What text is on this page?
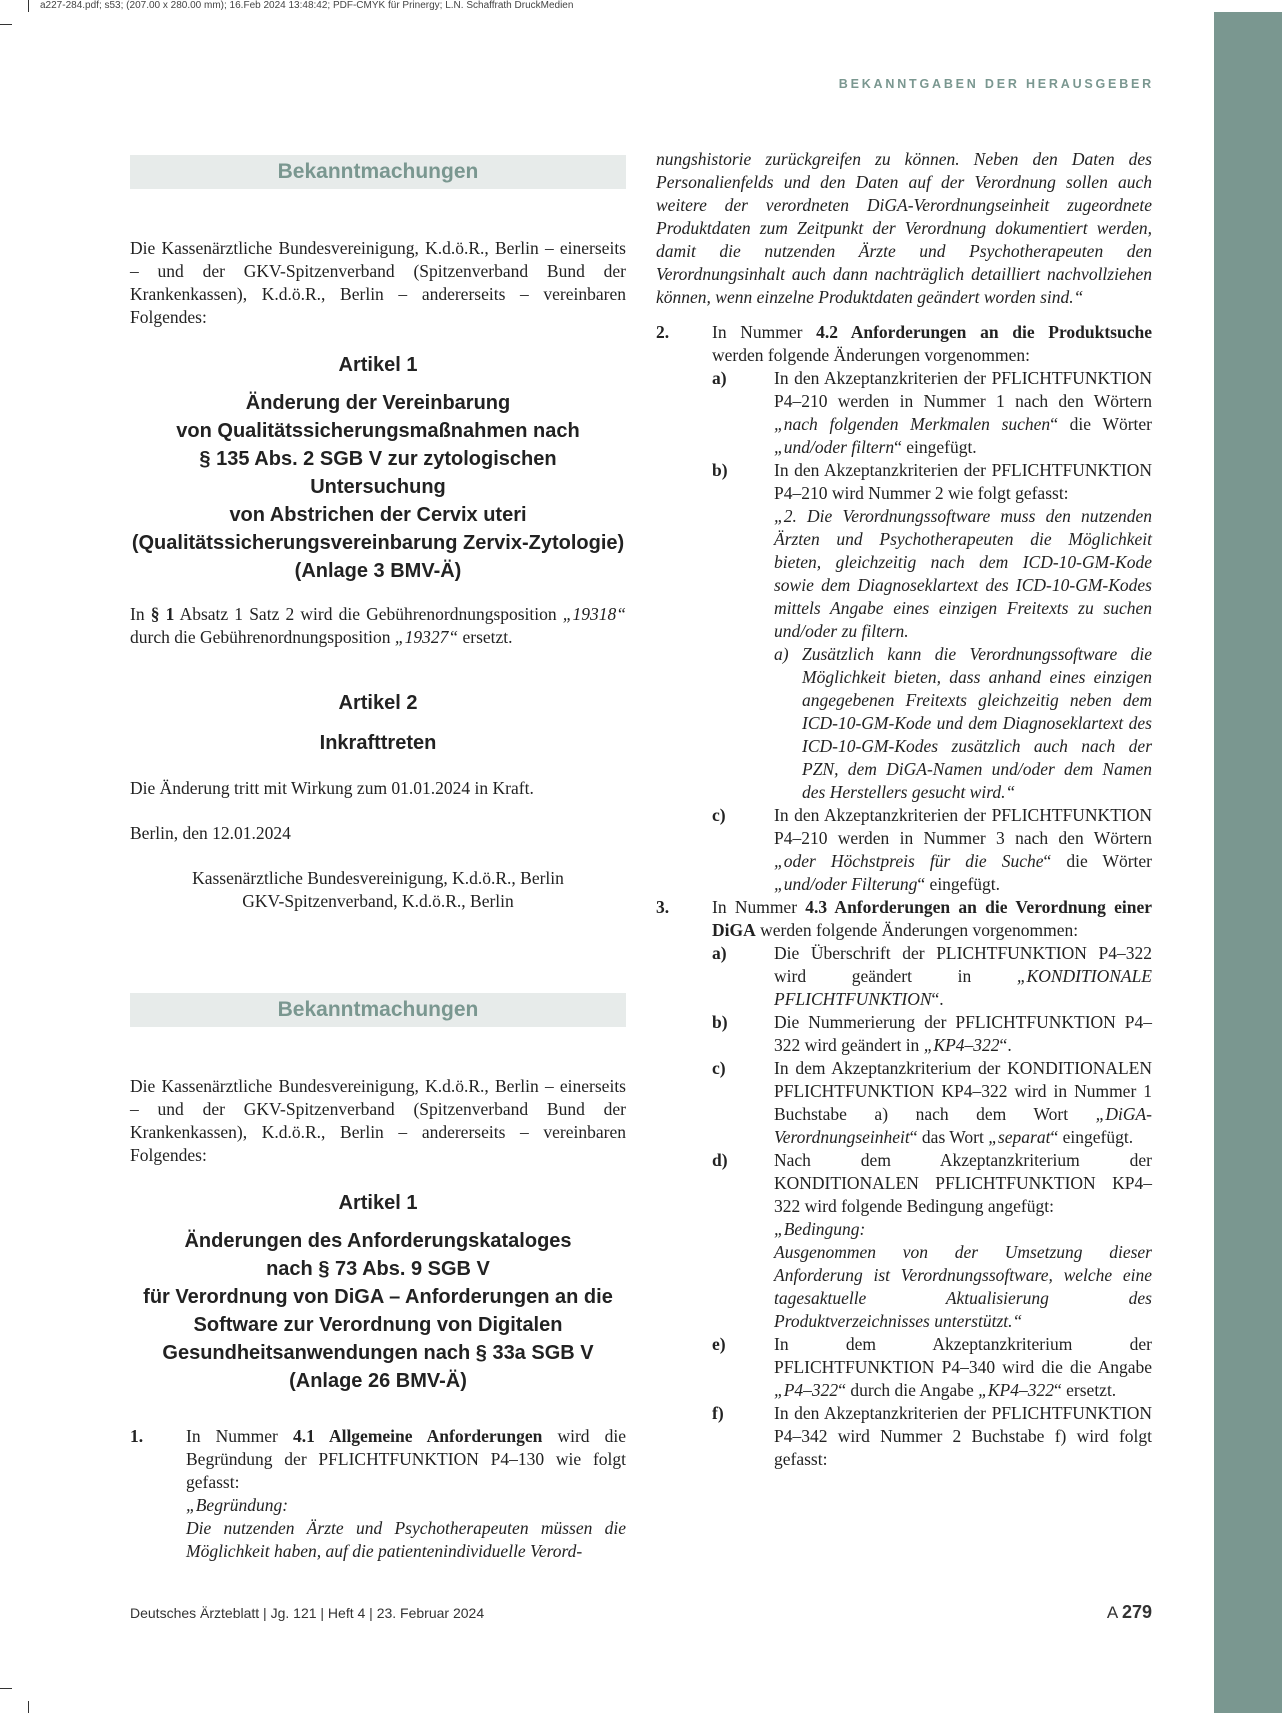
a227-284.pdf; s53; (207.00 x 280.00 mm); 16.Feb 2024 13:48:42; PDF-CMYK für Prinergy; L.N. Schaffrath DruckMedien
BEKANNTGABEN DER HERAUSGEBER
Bekanntmachungen

Die Kassenärztliche Bundesvereinigung, K.d.ö.R., Berlin – einerseits – und der GKV-Spitzenverband (Spitzenverband Bund der Krankenkassen), K.d.ö.R., Berlin – andererseits – vereinbaren Folgendes:

Artikel 1
Änderung der Vereinbarung
von Qualitätssicherungsmaßnahmen nach
§ 135 Abs. 2 SGB V zur zytologischen Untersuchung
von Abstrichen der Cervix uteri
(Qualitätssicherungsvereinbarung Zervix-Zytologie)
(Anlage 3 BMV-Ä)

In § 1 Absatz 1 Satz 2 wird die Gebührenordnungsposition „19318“ durch die Gebührenordnungsposition „19327“ ersetzt.

Artikel 2
Inkrafttreten

Die Änderung tritt mit Wirkung zum 01.01.2024 in Kraft.

Berlin, den 12.01.2024

Kassenärztliche Bundesvereinigung, K.d.ö.R., Berlin
GKV-Spitzenverband, K.d.ö.R., Berlin
Bekanntmachungen

Die Kassenärztliche Bundesvereinigung, K.d.ö.R., Berlin – einerseits – und der GKV-Spitzenverband (Spitzenverband Bund der Krankenkassen), K.d.ö.R., Berlin – andererseits – vereinbaren Folgendes:

Artikel 1
Änderungen des Anforderungskataloges
nach § 73 Abs. 9 SGB V
für Verordnung von DiGA – Anforderungen an die
Software zur Verordnung von Digitalen
Gesundheitsanwendungen nach § 33a SGB V
(Anlage 26 BMV-Ä)
1.	In Nummer 4.1 Allgemeine Anforderungen wird die Begründung der PFLICHTFUNKTION P4–130 wie folgt gefasst:
„Begründung:
Die nutzenden Ärzte und Psychotherapeuten müssen die Möglichkeit haben, auf die patientenindividuelle Verord-

nungshistorie zurückgreifen zu können. Neben den Daten des Personalienfelds und den Daten auf der Verordnung sollen auch weitere der verordneten DiGA-Verordnungseinheit zugeordnete Produktdaten zum Zeitpunkt der Verordnung dokumentiert werden, damit die nutzenden Ärzte und Psychotherapeuten den Verordnungsinhalt auch dann nachträglich detailliert nachvollziehen können, wenn einzelne Produktdaten geändert worden sind.“

2.	In Nummer 4.2 Anforderungen an die Produktsuche werden folgende Änderungen vorgenommen:
a)	In den Akzeptanzkriterien der PFLICHTFUNKTION P4–210 werden in Nummer 1 nach den Wörtern „nach folgenden Merkmalen suchen“ die Wörter „und/oder filtern“ eingefügt.
b)	In den Akzeptanzkriterien der PFLICHTFUNKTION P4–210 wird Nummer 2 wie folgt gefasst:
„2. Die Verordnungssoftware muss den nutzenden Ärzten und Psychotherapeuten die Möglichkeit bieten, gleichzeitig nach dem ICD-10-GM-Kode sowie dem Diagnoseklartext des ICD-10-GM-Kodes mittels Angabe eines einzigen Freitexts zu suchen und/oder zu filtern.
a) Zusätzlich kann die Verordnungssoftware die Möglichkeit bieten, dass anhand eines einzigen angegebenen Freitexts gleichzeitig neben dem ICD-10-GM-Kode und dem Diagnoseklartext des ICD-10-GM-Kodes zusätzlich auch nach der PZN, dem DiGA-Namen und/oder dem Namen des Herstellers gesucht wird.“
c)	In den Akzeptanzkriterien der PFLICHTFUNKTION P4–210 werden in Nummer 3 nach den Wörtern „oder Höchstpreis für die Suche“ die Wörter „und/oder Filterung“ eingefügt.
3.	In Nummer 4.3 Anforderungen an die Verordnung einer DiGA werden folgende Änderungen vorgenommen:
a)	Die Überschrift der PLICHTFUNKTION P4–322 wird geändert in „KONDITIONALE PFLICHTFUNKTION“.
b)	Die Nummerierung der PFLICHTFUNKTION P4–322 wird geändert in „KP4–322“.
c)	In dem Akzeptanzkriterium der KONDITIONALEN PFLICHTFUNKTION KP4–322 wird in Nummer 1 Buchstabe a) nach dem Wort „DiGA-Verordnungseinheit“ das Wort „separat“ eingefügt.
d)	Nach dem Akzeptanzkriterium der KONDITIONALEN PFLICHTFUNKTION KP4–322 wird folgende Bedingung angefügt:
„Bedingung:
Ausgenommen von der Umsetzung dieser Anforderung ist Verordnungssoftware, welche eine tagesaktuelle Aktualisierung des Produktverzeichnisses unterstützt.“
e)	In dem Akzeptanzkriterium der PFLICHTFUNKTION P4–340 wird die die Angabe „P4–322“ durch die Angabe „KP4–322“ ersetzt.
f)	In den Akzeptanzkriterien der PFLICHTFUNKTION P4–342 wird Nummer 2 Buchstabe f) wird folgt gefasst:
Deutsches Ärzteblatt | Jg. 121 | Heft 4 | 23. Februar 2024	A 279
